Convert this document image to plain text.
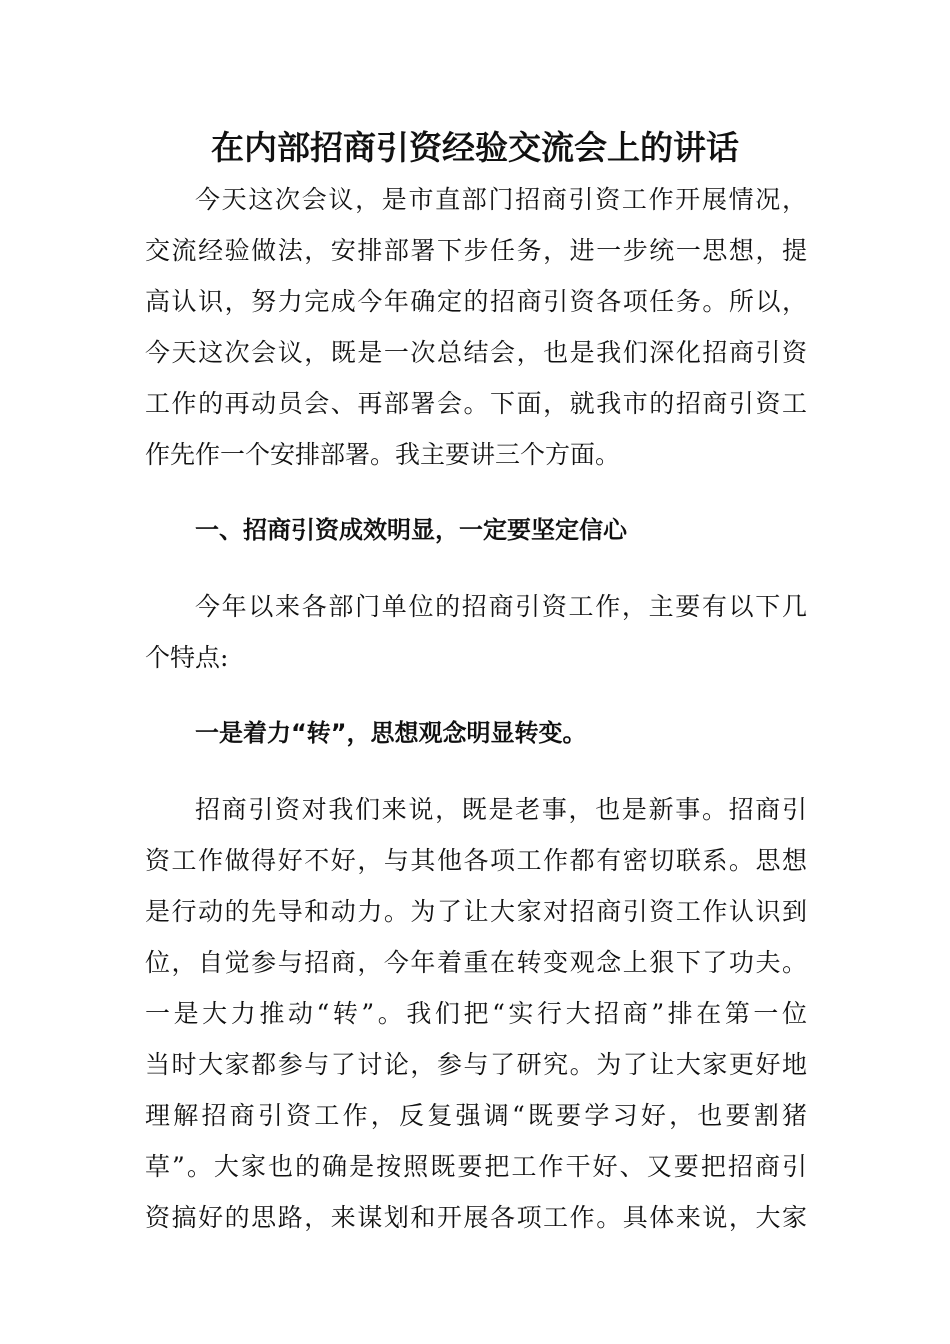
在内部招商引资经验交流会上的讲话
今天这次会议，是市直部门招商引资工作开展情况，
交流经验做法，安排部署下步任务，进一步统一思想，提
高认识，努力完成今年确定的招商引资各项任务。所以，
今天这次会议，既是一次总结会，也是我们深化招商引资
工作的再动员会、再部署会。下面，就我市的招商引资工
作先作一个安排部署。我主要讲三个方面。
一、招商引资成效明显，一定要坚定信心
今年以来各部门单位的招商引资工作，主要有以下几
个特点:
一是着力“转”，思想观念明显转变。
招商引资对我们来说，既是老事，也是新事。招商引
资工作做得好不好，与其他各项工作都有密切联系。思想
是行动的先导和动力。为了让大家对招商引资工作认识到
位，自觉参与招商，今年着重在转变观念上狠下了功夫。
一是大力推动“转”。我们把“实行大招商”排在第一位
当时大家都参与了讨论，参与了研究。为了让大家更好地
理解招商引资工作，反复强调“既要学习好，也要割猪
草”。大家也的确是按照既要把工作干好、又要把招商引
资搞好的思路，来谋划和开展各项工作。具体来说，大家
